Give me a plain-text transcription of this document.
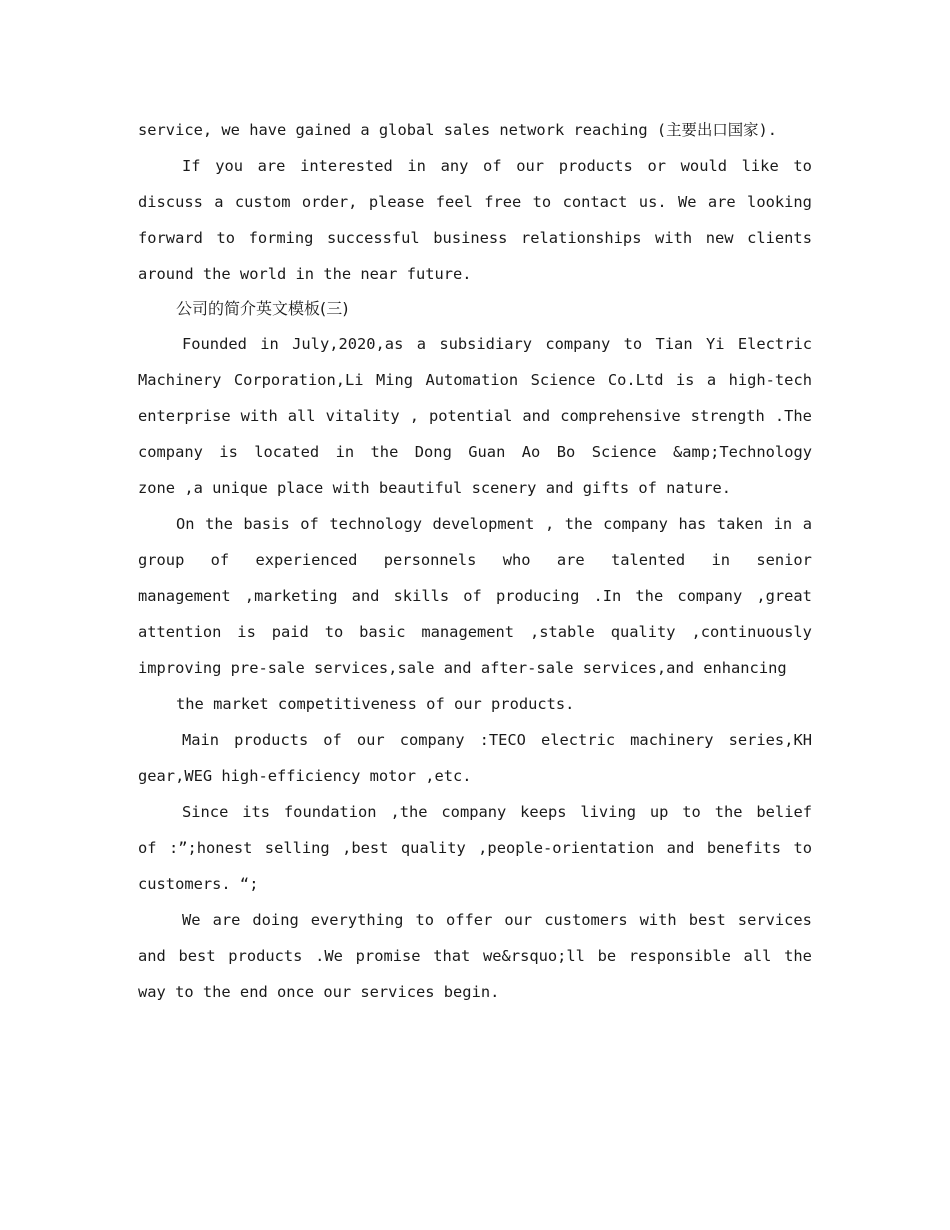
service, we have gained a global sales network reaching (主要出口国家).
If you are interested in any of our products or would like to
discuss a custom order, please feel free to contact us. We are looking
forward to forming successful business relationships with new clients
around the world in the near future.
公司的简介英文模板(三)
Founded in July,2020,as a subsidiary company to Tian Yi Electric
Machinery Corporation,Li Ming Automation Science Co.Ltd is a high-tech
enterprise with all vitality , potential and comprehensive strength .The
company is located in the Dong Guan Ao Bo Science &amp;Technology
zone ,a unique place with beautiful scenery and gifts of nature.
On the basis of technology development , the company has taken in a
group of experienced personnels who are talented in senior
management ,marketing and skills of producing .In the company ,great
attention is paid to basic management ,stable quality ,continuously
improving pre-sale services,sale and after-sale services,and enhancing
the market competitiveness of our products.
Main products of our company :TECO electric machinery series,KH
gear,WEG high-efficiency motor ,etc.
Since its foundation ,the company keeps living up to the belief
of :”;honest selling ,best quality ,people-orientation and benefits to
customers. “;
We are doing everything to offer our customers with best services
and best products .We promise that we&rsquo;ll be responsible all the
way to the end once our services begin.
